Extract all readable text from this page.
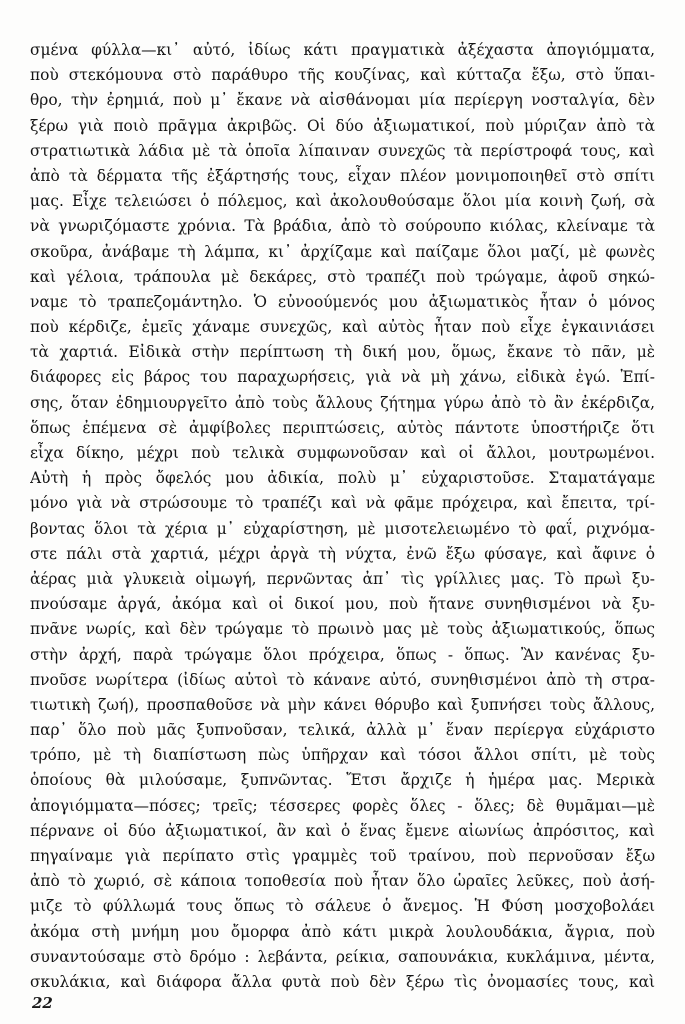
σμένα φύλλα—κι᾽ αὐτό, ἰδίως κάτι πραγματικὰ ἀξέχαστα ἀπογιόμματα,
ποὺ στεκόμουνα στὸ παράθυρο τῆς κουζίνας, καὶ κύτταζα ἔξω, στὸ ὕπαι-
θρο, τὴν ἐρημιά, ποὺ μ᾽ ἔκανε νὰ αἰσθάνομαι μία περίεργη νοσταλγία, δὲν
ξέρω γιὰ ποιὸ πρᾶγμα ἀκριβῶς. Οἱ δύο ἀξιωματικοί, ποὺ μύριζαν ἀπὸ τὰ
στρατιωτικὰ λάδια μὲ τὰ ὁποῖα λίπαιναν συνεχῶς τὰ περίστροφά τους, καὶ
ἀπὸ τὰ δέρματα τῆς ἐξάρτησής τους, εἶχαν πλέον μονιμοποιηθεῖ στὸ σπίτι
μας. Εἶχε τελειώσει ὁ πόλεμος, καὶ ἀκολουθούσαμε ὅλοι μία κοινὴ ζωή, σὰ
νὰ γνωριζόμαστε χρόνια. Τὰ βράδια, ἀπὸ τὸ σούρουπο κιόλας, κλείναμε τὰ
σκοῦρα, ἀνάβαμε τὴ λάμπα, κι᾽ ἀρχίζαμε καὶ παίζαμε ὅλοι μαζί, μὲ φωνὲς
καὶ γέλοια, τράπουλα μὲ δεκάρες, στὸ τραπέζι ποὺ τρώγαμε, ἀφοῦ σηκώ-
ναμε τὸ τραπεζομάντηλο. Ὁ εὐνοούμενός μου ἀξιωματικὸς ἦταν ὁ μόνος
ποὺ κέρδιζε, ἐμεῖς χάναμε συνεχῶς, καὶ αὐτὸς ἦταν ποὺ εἶχε ἐγκαινιάσει
τὰ χαρτιά. Εἰδικὰ στὴν περίπτωση τὴ δική μου, ὅμως, ἔκανε τὸ πᾶν, μὲ
διάφορες εἰς βάρος του παραχωρήσεις, γιὰ νὰ μὴ χάνω, εἰδικὰ ἐγώ. Ἐπί-
σης, ὅταν ἐδημιουργεῖτο ἀπὸ τοὺς ἄλλους ζήτημα γύρω ἀπὸ τὸ ἂν ἐκέρδιζα,
ὅπως ἐπέμενα σὲ ἀμφίβολες περιπτώσεις, αὐτὸς πάντοτε ὑποστήριζε ὅτι
εἶχα δίκηο, μέχρι ποὺ τελικὰ συμφωνοῦσαν καὶ οἱ ἄλλοι, μουτρωμένοι.
Αὐτὴ ἡ πρὸς ὄφελός μου ἀδικία, πολὺ μ᾽ εὐχαριστοῦσε. Σταματάγαμε
μόνο γιὰ νὰ στρώσουμε τὸ τραπέζι καὶ νὰ φᾶμε πρόχειρα, καὶ ἔπειτα, τρί-
βοντας ὅλοι τὰ χέρια μ᾽ εὐχαρίστηση, μὲ μισοτελειωμένο τὸ φαΐ, ριχνόμα-
στε πάλι στὰ χαρτιά, μέχρι ἀργὰ τὴ νύχτα, ἐνῶ ἔξω φύσαγε, καὶ ἄφινε ὁ
ἀέρας μιὰ γλυκειὰ οἰμωγή, περνῶντας ἀπ᾽ τὶς γρίλλιες μας. Τὸ πρωὶ ξυ-
πνούσαμε ἀργά, ἀκόμα καὶ οἱ δικοί μου, ποὺ ἤτανε συνηθισμένοι νὰ ξυ-
πνᾶνε νωρίς, καὶ δὲν τρώγαμε τὸ πρωινὸ μας μὲ τοὺς ἀξιωματικούς, ὅπως
στὴν ἀρχή, παρὰ τρώγαμε ὅλοι πρόχειρα, ὅπως - ὅπως. Ἂν κανένας ξυ-
πνοῦσε νωρίτερα (ἰδίως αὐτοὶ τὸ κάνανε αὐτό, συνηθισμένοι ἀπὸ τὴ στρα-
τιωτικὴ ζωή), προσπαθοῦσε νὰ μὴν κάνει θόρυβο καὶ ξυπνήσει τοὺς ἄλλους,
παρ᾽ ὅλο ποὺ μᾶς ξυπνοῦσαν, τελικά, ἀλλὰ μ᾽ ἕναν περίεργα εὐχάριστο
τρόπο, μὲ τὴ διαπίστωση πὼς ὑπῆρχαν καὶ τόσοι ἄλλοι σπίτι, μὲ τοὺς
ὁποίους θὰ μιλούσαμε, ξυπνῶντας. Ἔτσι ἄρχιζε ἡ ἡμέρα μας. Μερικὰ
ἀπογιόμματα—πόσες; τρεῖς; τέσσερες φορὲς ὅλες - ὅλες; δὲ θυμᾶμαι—μὲ
πέρνανε οἱ δύο ἀξιωματικοί, ἂν καὶ ὁ ἕνας ἔμενε αἰωνίως ἀπρόσιτος, καὶ
πηγαίναμε γιὰ περίπατο στὶς γραμμὲς τοῦ τραίνου, ποὺ περνοῦσαν ἔξω
ἀπὸ τὸ χωριό, σὲ κάποια τοποθεσία ποὺ ἦταν ὅλο ὡραῖες λεῦκες, ποὺ ἀσή-
μιζε τὸ φύλλωμά τους ὅπως τὸ σάλευε ὁ ἄνεμος. Ἡ Φύση μοσχοβολάει
ἀκόμα στὴ μνήμη μου ὄμορφα ἀπὸ κάτι μικρὰ λουλουδάκια, ἄγρια, ποὺ
συναντούσαμε στὸ δρόμο : λεβάντα, ρείκια, σαπουνάκια, κυκλάμινα, μέντα,
σκυλάκια, καὶ διάφορα ἄλλα φυτὰ ποὺ δὲν ξέρω τὶς ὀνομασίες τους, καὶ
22
